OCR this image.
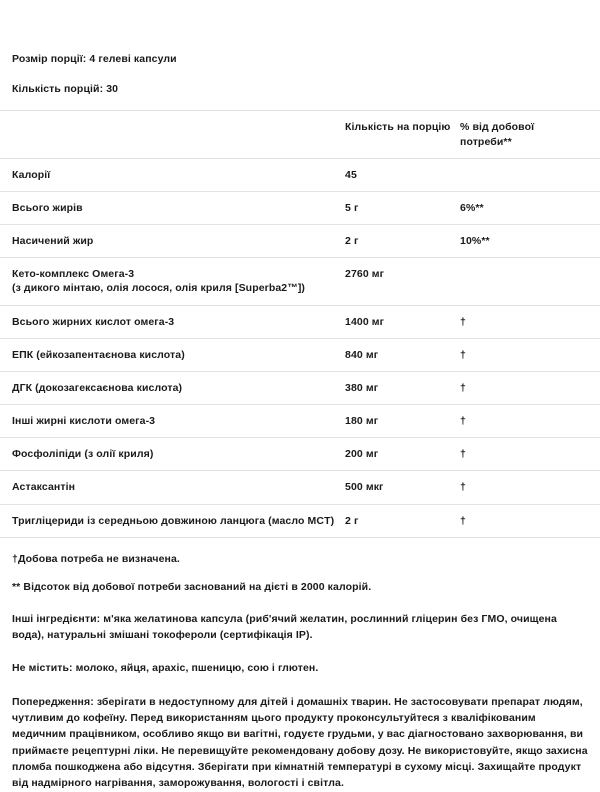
Розмір порції: 4 гелеві капсули
Кількість порцій: 30
	Кількість на порцію	% від добової потреби**
Калорії	45	
Всього жирів	5 г	6%**
Насичений жир	2 г	10%**
Кето-комплекс Омега-3
(з дикого мінтаю, олія лосося, олія криля [Superba2™])	2760 мг	
Всього жирних кислот омега-3	1400 мг	†
ЕПК (ейкозапентаєнова кислота)	840 мг	†
ДГК (докозагексаєнова кислота)	380 мг	†
Інші жирні кислоти омега-3	180 мг	†
Фосфоліпіди (з олії криля)	200 мг	†
Астаксантін	500 мкг	†
Тригліцериди із середньою довжиною ланцюга (масло MCT)	2 г	†
†Добова потреба не визначена.
** Відсоток від добової потреби заснований на дієті в 2000 калорій.
Інші інгредієнти: м'яка желатинова капсула (риб'ячий желатин, рослинний гліцерин без ГМО, очищена вода), натуральні змішані токофероли (сертифікація IP).
Не містить: молоко, яйця, арахіс, пшеницю, сою і глютен.
Попередження: зберігати в недоступному для дітей і домашніх тварин. Не застосовувати препарат людям, чутливим до кофеїну. Перед використанням цього продукту проконсультуйтеся з кваліфікованим медичним працівником, особливо якщо ви вагітні, годуєте грудьми, у вас діагностовано захворювання, ви приймаєте рецептурні ліки. Не перевищуйте рекомендовану добову дозу. Не використовуйте, якщо захисна пломба пошкоджена або відсутня. Зберігати при кімнатній температурі в сухому місці. Захищайте продукт від надмірного нагрівання, заморожування, вологості і світла.
